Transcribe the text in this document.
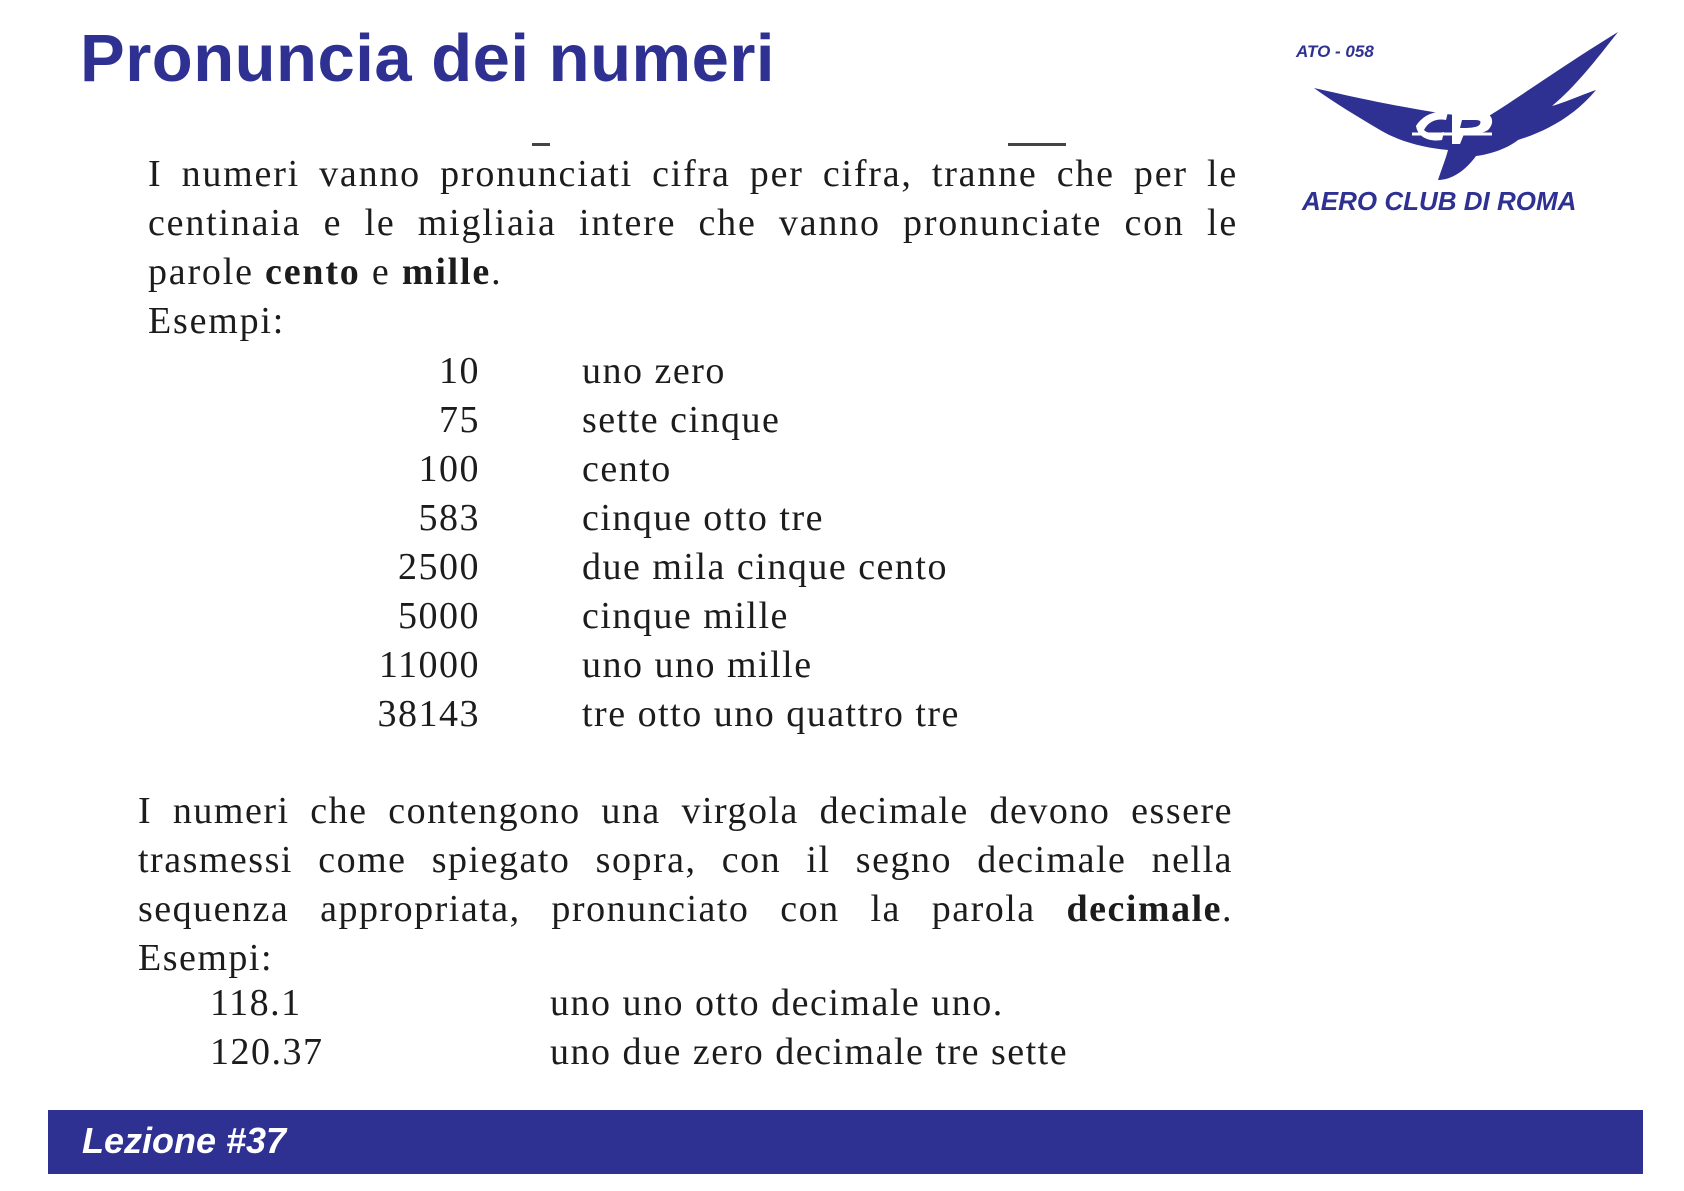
Pronuncia dei numeri	ATO - 058
AERO CLUB DI ROMA
I numeri vanno pronunciati cifra per cifra, tranne che per le centinaia e le migliaia intere che vanno pronunciate con le parole cento e mille.
Esempi:
10	uno zero
75	sette cinque
100	cento
583	cinque otto tre
2500	due mila cinque cento
5000	cinque mille
11000	uno uno mille
38143	tre otto uno quattro tre
I numeri che contengono una virgola decimale devono essere trasmessi come spiegato sopra, con il segno decimale nella sequenza appropriata, pronunciato con la parola decimale. Esempi:
118.1	uno uno otto decimale uno.
120.37	uno due zero decimale tre sette
Lezione #37
